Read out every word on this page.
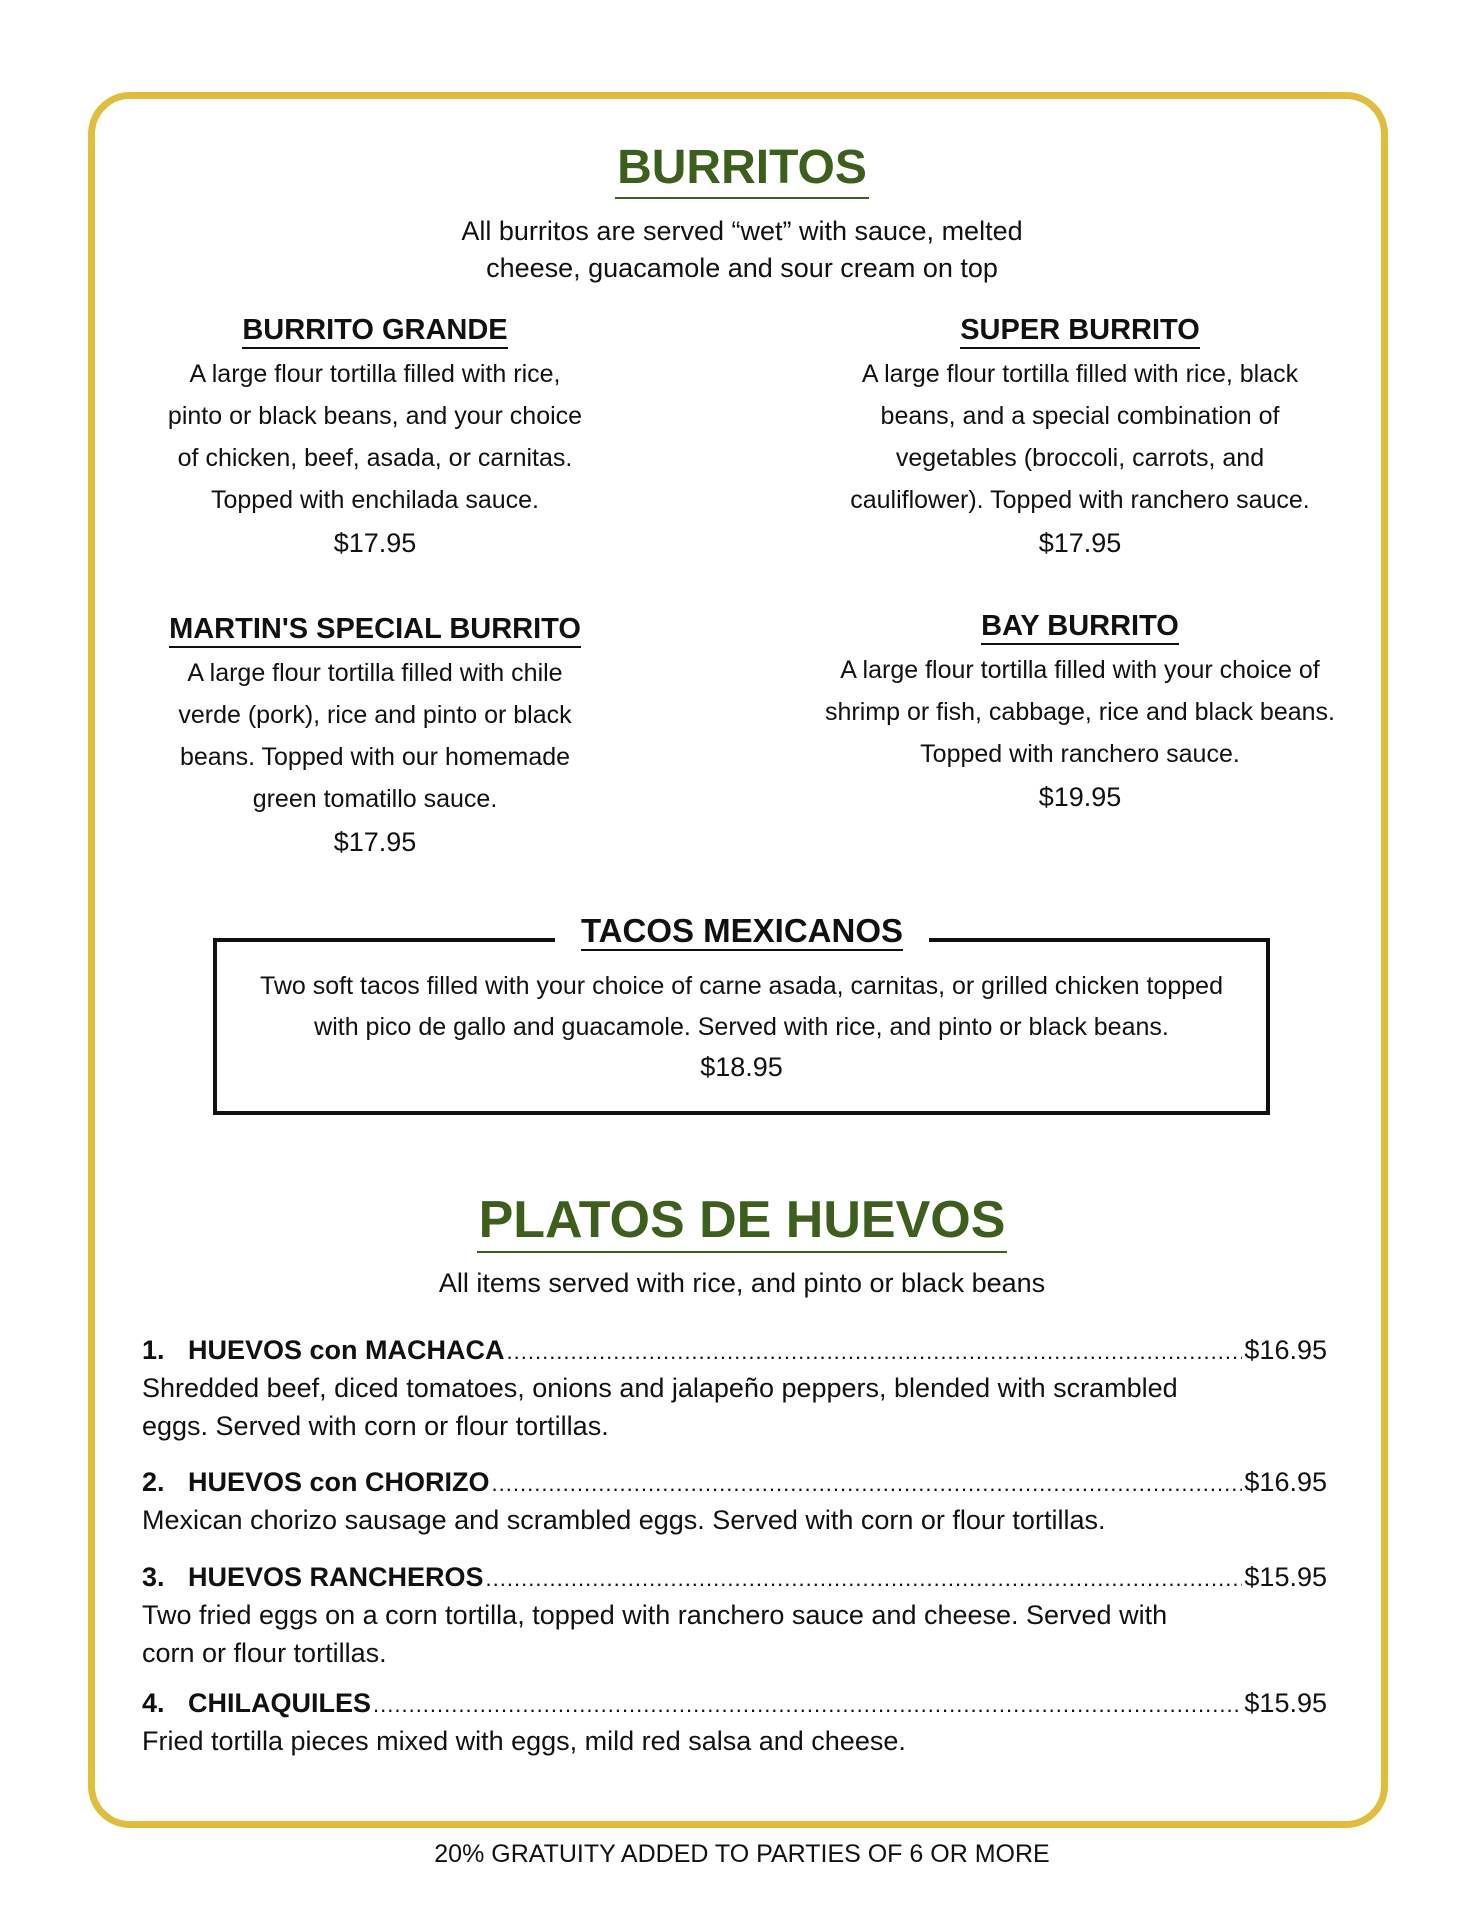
BURRITOS

All burritos are served “wet” with sauce, melted
cheese, guacamole and sour cream on top

BURRITO GRANDE

A large flour tortilla filled with rice,
pinto or black beans, and your choice
of chicken, beef, asada, or carnitas.
Topped with enchilada sauce.

$17.95

SUPER BURRITO

A large flour tortilla filled with rice, black
beans, and a special combination of
vegetables (broccoli, carrots, and
cauliflower). Topped with ranchero sauce.

$17.95

MARTIN'S SPECIAL BURRITO

A large flour tortilla filled with chile
verde (pork), rice and pinto or black
beans. Topped with our homemade
green tomatillo sauce.

$17.95

BAY BURRITO

A large flour tortilla filled with your choice of
shrimp or fish, cabbage, rice and black beans.
Topped with ranchero sauce.

$19.95

TACOS MEXICANOS

Two soft tacos filled with your choice of carne asada, carnitas, or grilled chicken topped
with pico de gallo and guacamole. Served with rice, and pinto or black beans.

$18.95

PLATOS DE HUEVOS

All items served with rice, and pinto or black beans

1. HUEVOS con MACHACA .....	$16.95

Shredded beef, diced tomatoes, onions and jalapeño peppers, blended with scrambled
eggs. Served with corn or flour tortillas.

2. HUEVOS con CHORIZO .....	$16.95

Mexican chorizo sausage and scrambled eggs. Served with corn or flour tortillas.

3. HUEVOS RANCHEROS .....	$15.95

Two fried eggs on a corn tortilla, topped with ranchero sauce and cheese. Served with
corn or flour tortillas.

4. CHILAQUILES .....	$15.95

Fried tortilla pieces mixed with eggs, mild red salsa and cheese.

20% GRATUITY ADDED TO PARTIES OF 6 OR MORE
